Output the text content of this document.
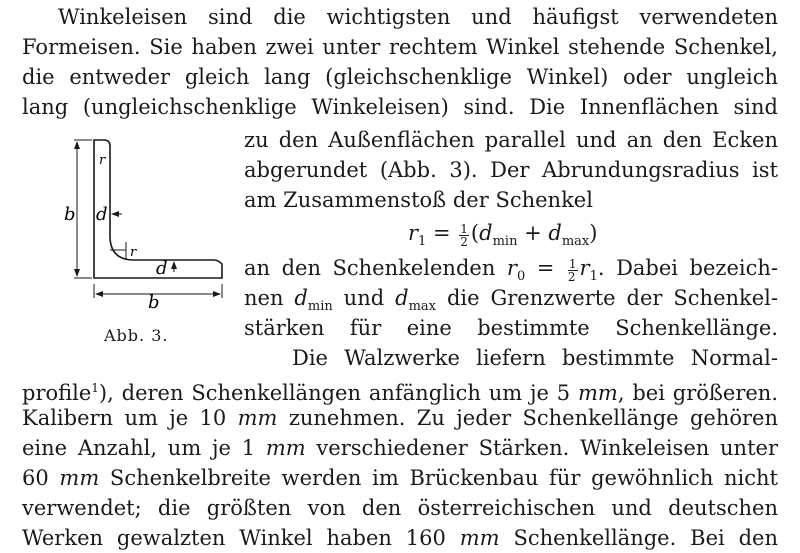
Winkeleisen sind die wichtigsten und häufigst verwendeten
Formeisen. Sie haben zwei unter rechtem Winkel stehende Schenkel,
die entweder gleich lang (gleichschenklige Winkel) oder ungleich
lang (ungleichschenklige Winkeleisen) sind. Die Innenflächen sind
zu den Außenflächen parallel und an den Ecken
abgerundet (Abb. 3). Der Abrundungsradius ist
am Zusammenstoß der Schenkel
$r_1 = \frac{1}{2} (d_{min} + d_{max})$
an den Schenkelenden $r_0 = \frac{1}{2} r_1$. Dabei bezeich-
nen $d_{min}$ und $d_{max}$ die Grenzwerte der Schenkel-
stärken für eine bestimmte Schenkellänge.
Die Walzwerke liefern bestimmte Normal-
profile$^1$), deren Schenkellängen anfänglich um je 5 mm, bei größeren.
Kalibern um je 10 mm zunehmen. Zu jeder Schenkellänge gehören
eine Anzahl, um je 1 mm verschiedener Stärken. Winkeleisen unter
60 mm Schenkelbreite werden im Brückenbau für gewöhnlich nicht
verwendet; die größten von den österreichischen und deutschen
Werken gewalzten Winkel haben 160 mm Schenkellänge. Bei den
b d
r
r
d
b
Abb. 3.
